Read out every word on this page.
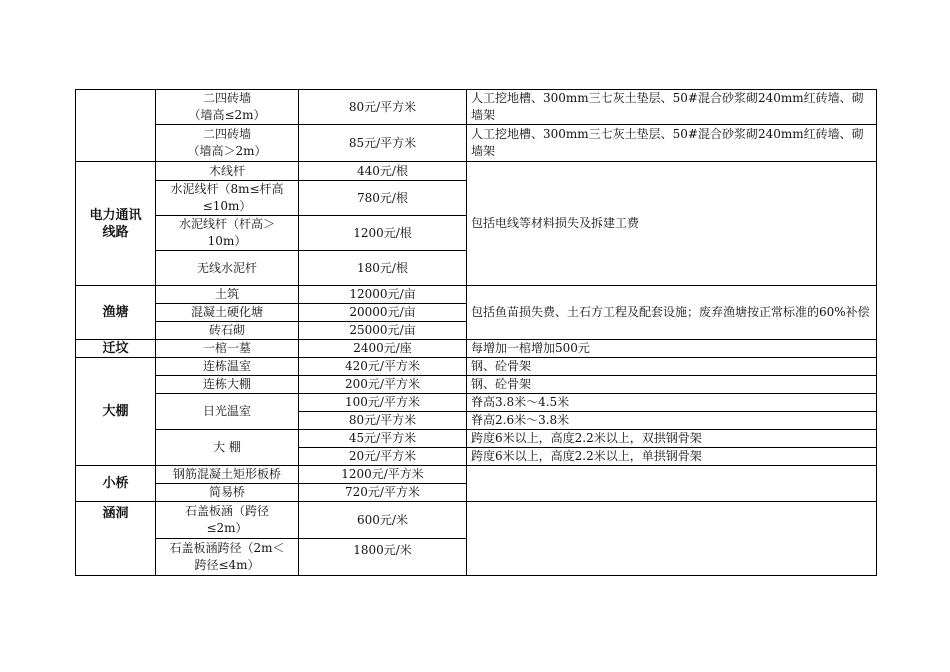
	二四砖墙
（墙高≤2m）	80元/平方米	人工挖地槽、300mm三七灰土垫层、50#混合砂浆砌240mm红砖墙、砌墙架
	二四砖墙
（墙高＞2m）	85元/平方米	人工挖地槽、300mm三七灰土垫层、50#混合砂浆砌240mm红砖墙、砌墙架
电力通讯
线路	木线杆	440元/根	包括电线等材料损失及拆建工费
	水泥线杆（8m≤杆高
≤10m）	780元/根	
	水泥线杆（杆高＞
10m）	1200元/根	
	无线水泥杆	180元/根	
渔塘	土筑	12000元/亩	包括鱼苗损失费、土石方工程及配套设施；废弃渔塘按正常标准的60%补偿
	混凝土硬化塘	20000元/亩	
	砖石砌	25000元/亩	
迁坟	一棺一墓	2400元/座	每增加一棺增加500元
大棚	连栋温室	420元/平方米	钢、砼骨架
	连栋大棚	200元/平方米	钢、砼骨架
	日光温室	100元/平方米	脊高3.8米～4.5米
		80元/平方米	脊高2.6米～3.8米
	大 棚	45元/平方米	跨度6米以上，高度2.2米以上，双拱钢骨架
		20元/平方米	跨度6米以上，高度2.2米以上，单拱钢骨架
小桥	钢筋混凝土矩形板桥	1200元/平方米	
	简易桥	720元/平方米	
涵洞	石盖板涵（跨径
≤2m）	600元/米	
	石盖板涵跨径（2m＜
跨径≤4m）	1800元/米	
